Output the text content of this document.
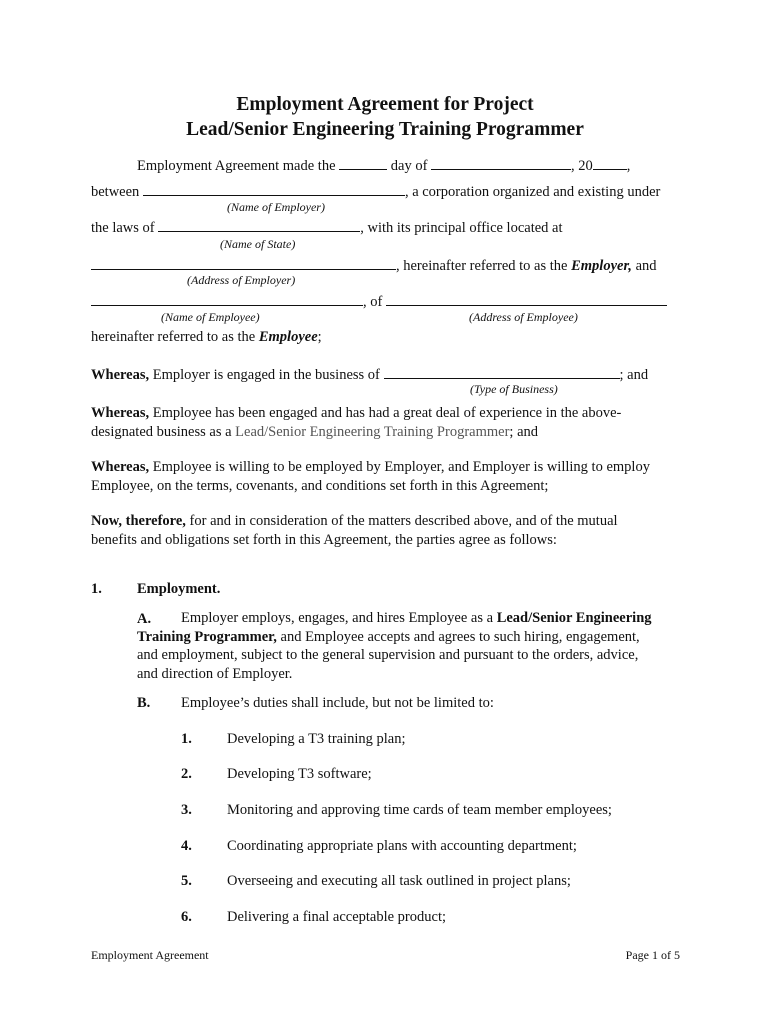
Employment Agreement for Project
Lead/Senior Engineering Training Programmer
Employment Agreement made the	day of	, 20 ,
between	, a corporation organized and existing under
(Name of Employer)
the laws of	, with its principal office located at
(Name of State)
, hereinafter referred to as the Employer, and
(Address of Employer)
, of
(Name of Employee)	(Address of Employee)
hereinafter referred to as the Employee;
Whereas, Employer is engaged in the business of	; and
(Type of Business)
Whereas, Employee has been engaged and has had a great deal of experience in the above-
designated business as a Lead/Senior Engineering Training Programmer; and
Whereas, Employee is willing to be employed by Employer, and Employer is willing to employ
Employee, on the terms, covenants, and conditions set forth in this Agreement;
Now, therefore, for and in consideration of the matters described above, and of the mutual
benefits and obligations set forth in this Agreement, the parties agree as follows:
1. Employment.
A.	Employer employs, engages, and hires Employee as a Lead/Senior Engineering
Training Programmer, and Employee accepts and agrees to such hiring, engagement,
and employment, subject to the general supervision and pursuant to the orders, advice,
and direction of Employer.
B. Employee’s duties shall include, but not be limited to:
1. Developing a T3 training plan;
2. Developing T3 software;
3. Monitoring and approving time cards of team member employees;
4. Coordinating appropriate plans with accounting department;
5. Overseeing and executing all task outlined in project plans;
6. Delivering a final acceptable product;
Employment Agreement	Page 1 of 5
